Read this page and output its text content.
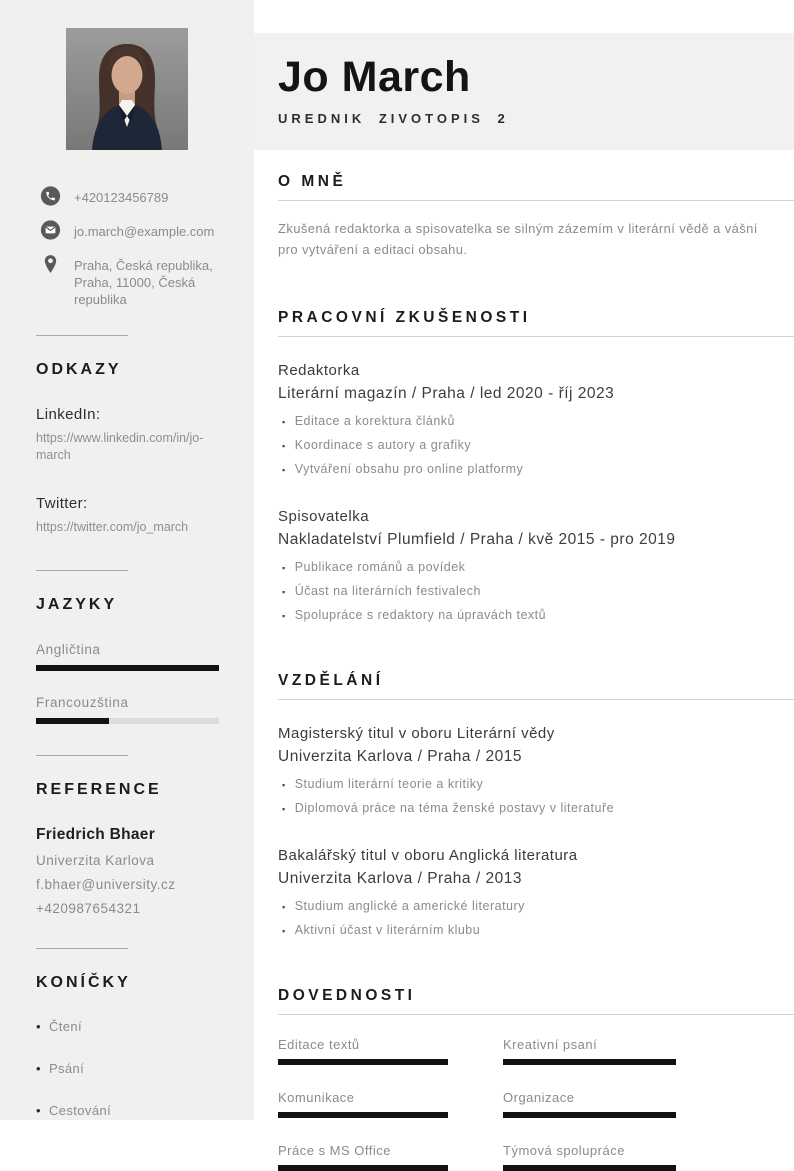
+420123456789
jo.march@example.com
Praha, Česká republika, Praha, 11000, Česká republika
ODKAZY
LinkedIn:
https://www.linkedin.com/in/jo-march
Twitter:
https://twitter.com/jo_march
JAZYKY
Angličtina
Francouzština
REFERENCE
Friedrich Bhaer
Univerzita Karlova
f.bhaer@university.cz
+420987654321
KONÍČKY
• Čtení
• Psání
• Cestování
Jo March
UREDNIK ZIVOTOPIS 2
O MNĚ
Zkušená redaktorka a spisovatelka se silným zázemím v literární vědě a vášní pro vytváření a editaci obsahu.
PRACOVNÍ ZKUŠENOSTI
Redaktorka
Literární magazín / Praha / led 2020 - říj 2023
▪ Editace a korektura článků
▪ Koordinace s autory a grafiky
▪ Vytváření obsahu pro online platformy
Spisovatelka
Nakladatelství Plumfield / Praha / kvě 2015 - pro 2019
▪ Publikace románů a povídek
▪ Účast na literárních festivalech
▪ Spolupráce s redaktory na úpravách textů
VZDĚLÁNÍ
Magisterský titul v oboru Literární vědy
Univerzita Karlova / Praha / 2015
▪ Studium literární teorie a kritiky
▪ Diplomová práce na téma ženské postavy v literatuře
Bakalářský titul v oboru Anglická literatura
Univerzita Karlova / Praha / 2013
▪ Studium anglické a americké literatury
▪ Aktivní účast v literárním klubu
DOVEDNOSTI
Editace textů	Kreativní psaní
Komunikace	Organizace
Práce s MS Office	Týmová spolupráce
